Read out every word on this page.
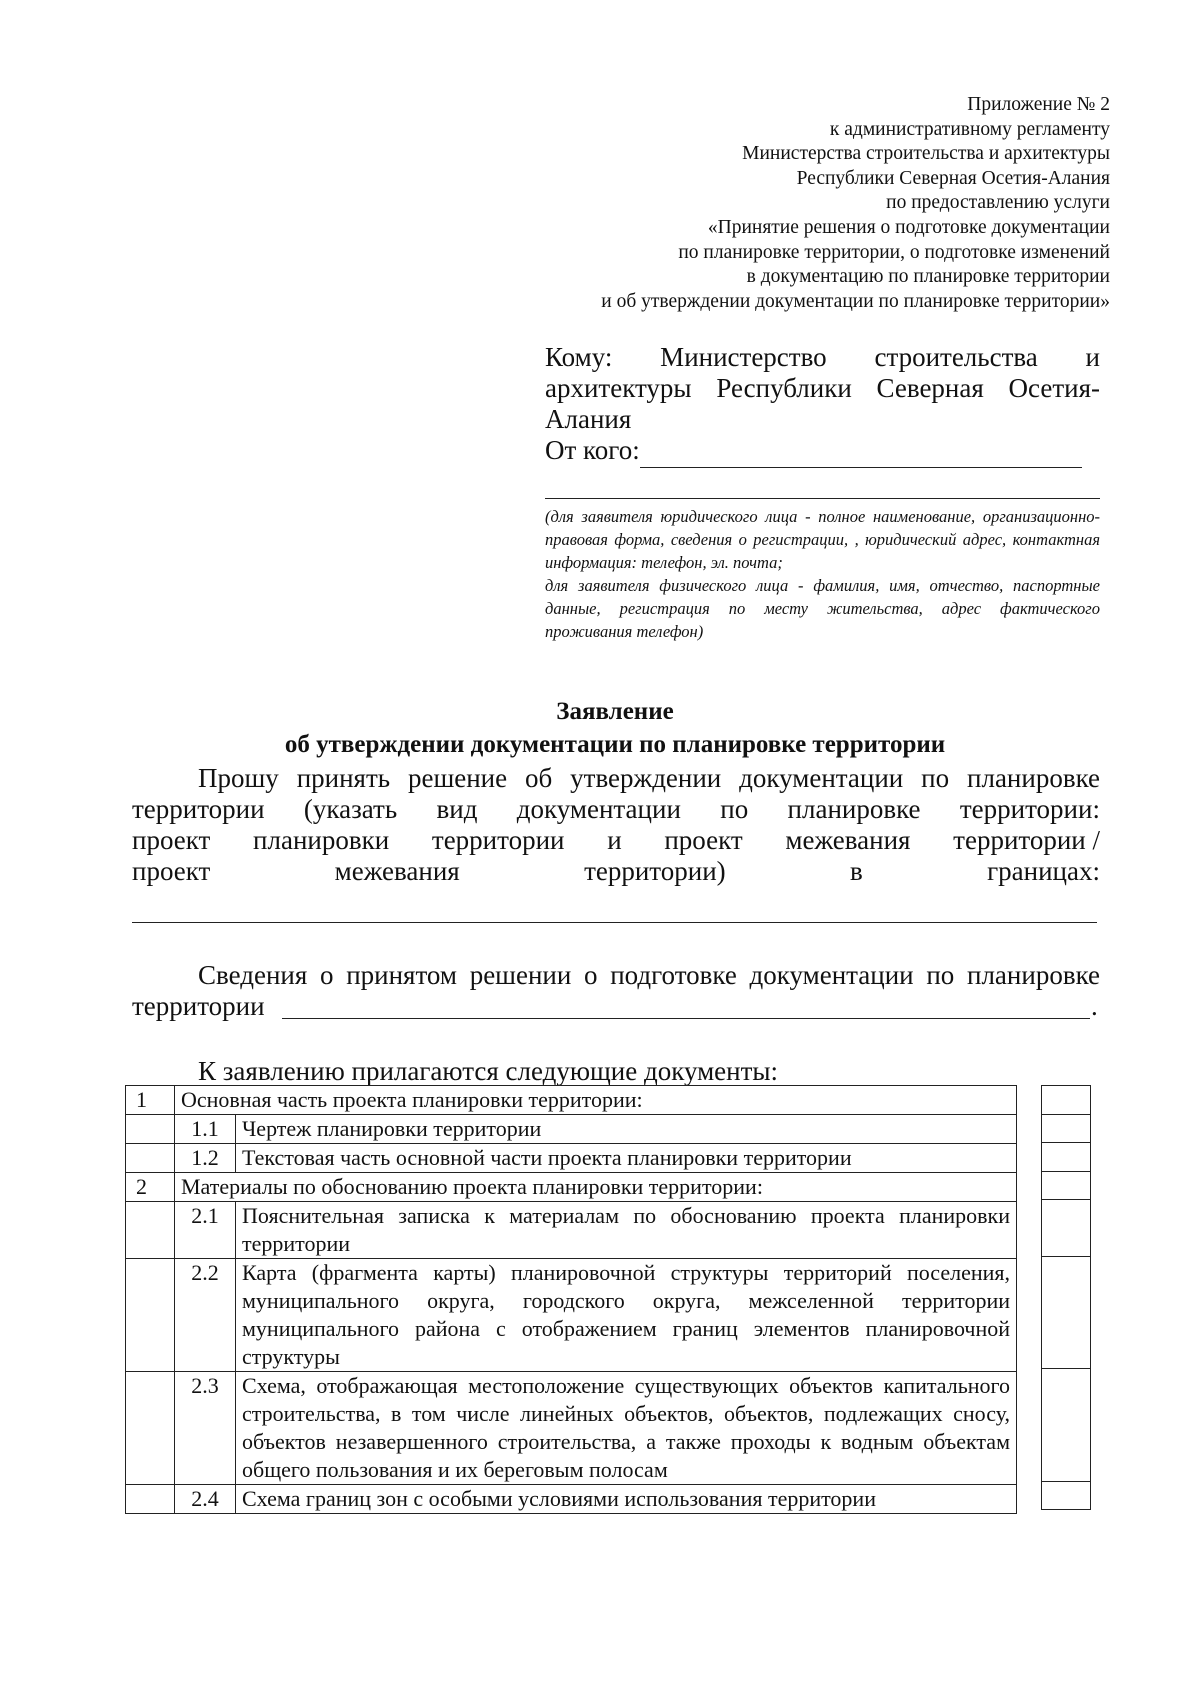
Приложение № 2
к административному регламенту
Министерства строительства и архитектуры
Республики Северная Осетия-Алания
по предоставлению услуги
«Принятие решения о подготовке документации
по планировке территории, о подготовке изменений
в документацию по планировке территории
и об утверждении документации по планировке территории»
Кому: Министерство строительства и
архитектуры Республики Северная Осетия-
Алания
От кого:

(для заявителя юридического лица - полное наименование, организационно-правовая форма, сведения о регистрации, , юридический адрес, контактная информация: телефон, эл. почта;

для заявителя физического лица - фамилия, имя, отчество, паспортные данные, регистрация по месту жительства, адрес фактического проживания телефон)

Заявление
об утверждении документации по планировке территории
Прошу принять решение об утверждении документации по планировке
территории (указать вид документации по планировке территории:
проект планировки территории и проект межевания территории /
проект	межевания	территории)	в	границах:
Сведения о принятом решении о подготовке документации по планировке
территории	.
К заявлению прилагаются следующие документы:
1	Основная часть проекта планировки территории:	
	1.1	Чертеж планировки территории
	1.2	Текстовая часть основной части проекта планировки территории
2	Материалы по обоснованию проекта планировки территории:	
	2.1	Пояснительная записка к материалам по обоснованию проекта планировки территории
	2.2	Карта (фрагмента карты) планировочной структуры территорий поселения, муниципального округа, городского округа, межселенной территории муниципального района с отображением границ элементов планировочной структуры
	2.3	Схема, отображающая местоположение существующих объектов капитального строительства, в том числе линейных объектов, объектов, подлежащих сносу, объектов незавершенного строительства, а также проходы к водным объектам общего пользования и их береговым полосам
	2.4	Схема границ зон с особыми условиями использования территории
